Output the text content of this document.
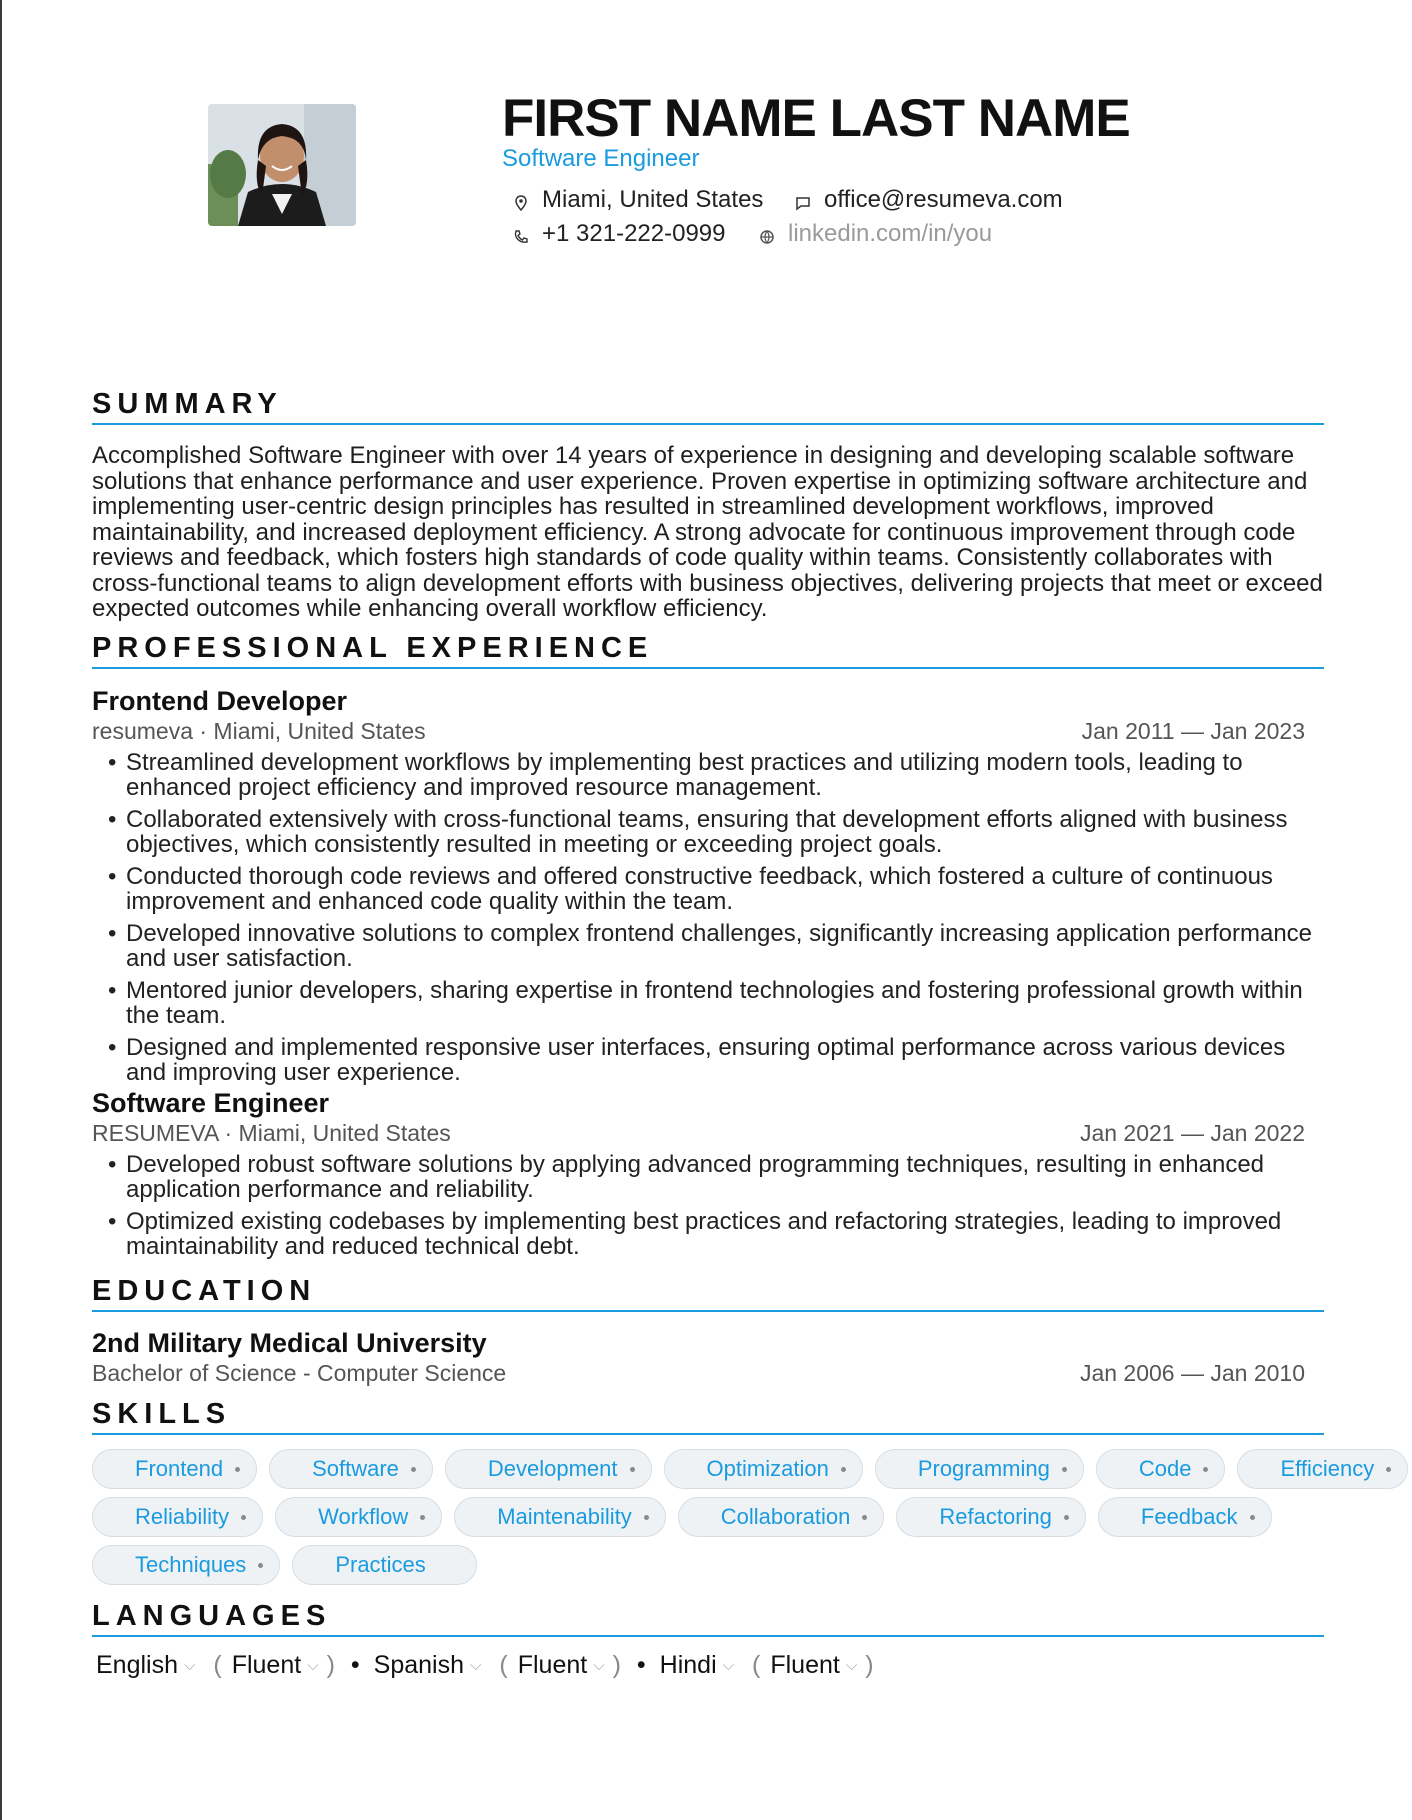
FIRST NAME LAST NAME
Software Engineer
Miami, United States	office@resumeva.com
+1 321-222-0999	linkedin.com/in/you
SUMMARY

Accomplished Software Engineer with over 14 years of experience in designing and developing scalable software solutions that enhance performance and user experience. Proven expertise in optimizing software architecture and implementing user-centric design principles has resulted in streamlined development workflows, improved maintainability, and increased deployment efficiency. A strong advocate for continuous improvement through code reviews and feedback, which fosters high standards of code quality within teams. Consistently collaborates with cross-functional teams to align development efforts with business objectives, delivering projects that meet or exceed expected outcomes while enhancing overall workflow efficiency.

PROFESSIONAL EXPERIENCE
Frontend Developer
resumeva · Miami, United States	Jan 2011 — Jan 2023
• Streamlined development workflows by implementing best practices and utilizing modern tools, leading to enhanced project efficiency and improved resource management.
• Collaborated extensively with cross-functional teams, ensuring that development efforts aligned with business objectives, which consistently resulted in meeting or exceeding project goals.
• Conducted thorough code reviews and offered constructive feedback, which fostered a culture of continuous improvement and enhanced code quality within the team.
• Developed innovative solutions to complex frontend challenges, significantly increasing application performance and user satisfaction.
• Mentored junior developers, sharing expertise in frontend technologies and fostering professional growth within the team.
• Designed and implemented responsive user interfaces, ensuring optimal performance across various devices and improving user experience.
Software Engineer
RESUMEVA · Miami, United States	Jan 2021 — Jan 2022
• Developed robust software solutions by applying advanced programming techniques, resulting in enhanced application performance and reliability.
• Optimized existing codebases by implementing best practices and refactoring strategies, leading to improved maintainability and reduced technical debt.
EDUCATION
2nd Military Medical University
Bachelor of Science - Computer Science	Jan 2006 — Jan 2010
SKILLS
Frontend	Software	Development	Optimization	Programming	Code	Efficiency
Reliability	Workflow	Maintenability	Collaboration	Refactoring	Feedback
Techniques	Practices
LANGUAGES
English ⌵ ( Fluent ⌵ ) • Spanish ⌵ ( Fluent ⌵ ) • Hindi ⌵ ( Fluent ⌵ )
